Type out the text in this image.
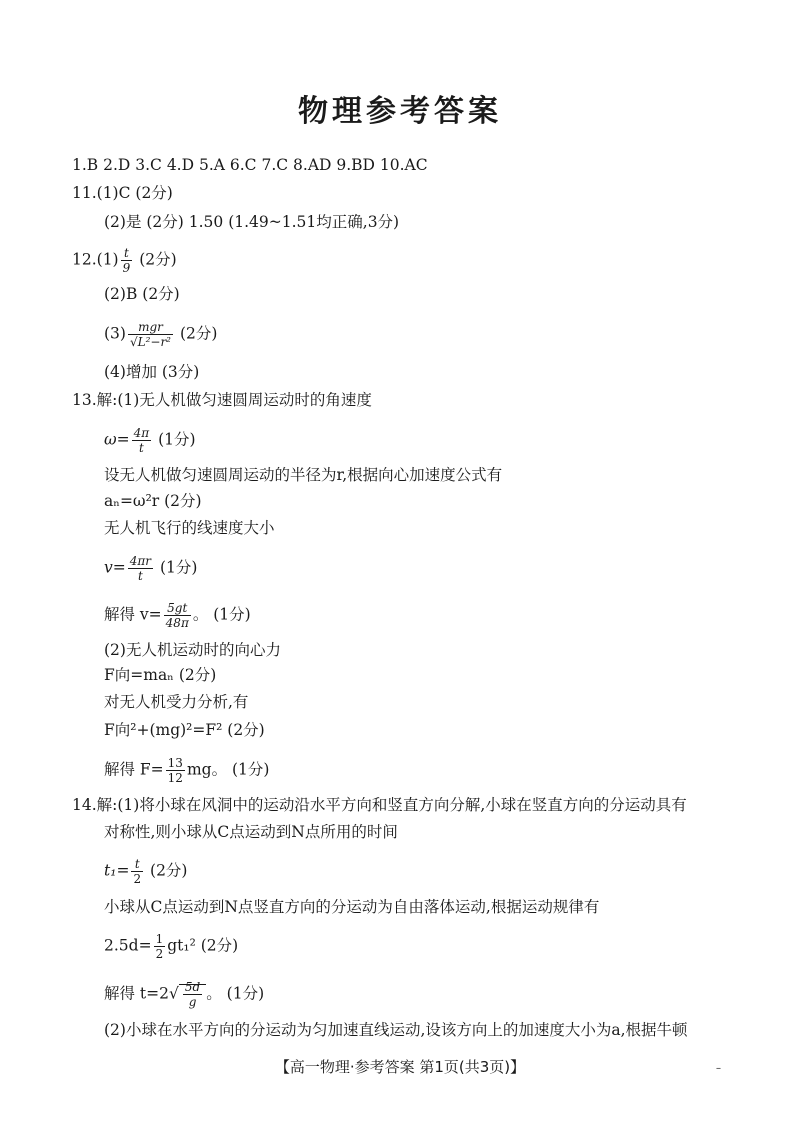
物理参考答案
1.B 2.D 3.C 4.D 5.A 6.C 7.C 8.AD 9.BD 10.AC
11.(1)C (2分)
(2)是 (2分) 1.50 (1.49~1.51均正确,3分)
$12.(1) \frac{t}{9} (2$分)
(2)B (2分)
$(3) \frac{\text{mgr}}{\text{√L²−r²}} (2$分)
(4)增加 (3分)
13.解:(1)无人机做匀速圆周运动时的角速度
$\omega= \frac{4\pi}{t} (1$分)
设无人机做匀速圆周运动的半径为r,根据向心加速度公式有
aₙ=ω²r (2分)
无人机飞行的线速度大小
$v= \frac{4\pi r}{t} (1$分)
解得 $v= \frac{5gt}{48\pi}$ 。 (1分)
(2)无人机运动时的向心力
F向=maₙ (2分)
对无人机受力分析,有
F向²+(mg)²=F² (2分)
解得 $F= \frac{13}{12}$ mg。 (1分)
14.解:(1)将小球在风洞中的运动沿水平方向和竖直方向分解,小球在竖直方向的分运动具有
对称性,则小球从C点运动到N点所用的时间
$t_1= \frac{t}{2} (2$分)
小球从C点运动到N点竖直方向的分运动为自由落体运动,根据运动规律有
$2.5d= \frac{1}{2} gt_1^2$ (2分)
解得 $t=2√ \frac{5d}{g}$ 。 (1分)
(2)小球在水平方向的分运动为匀加速直线运动,设该方向上的加速度大小为a,根据牛顿
【高一物理·参考答案 第1页(共3页)】	–
